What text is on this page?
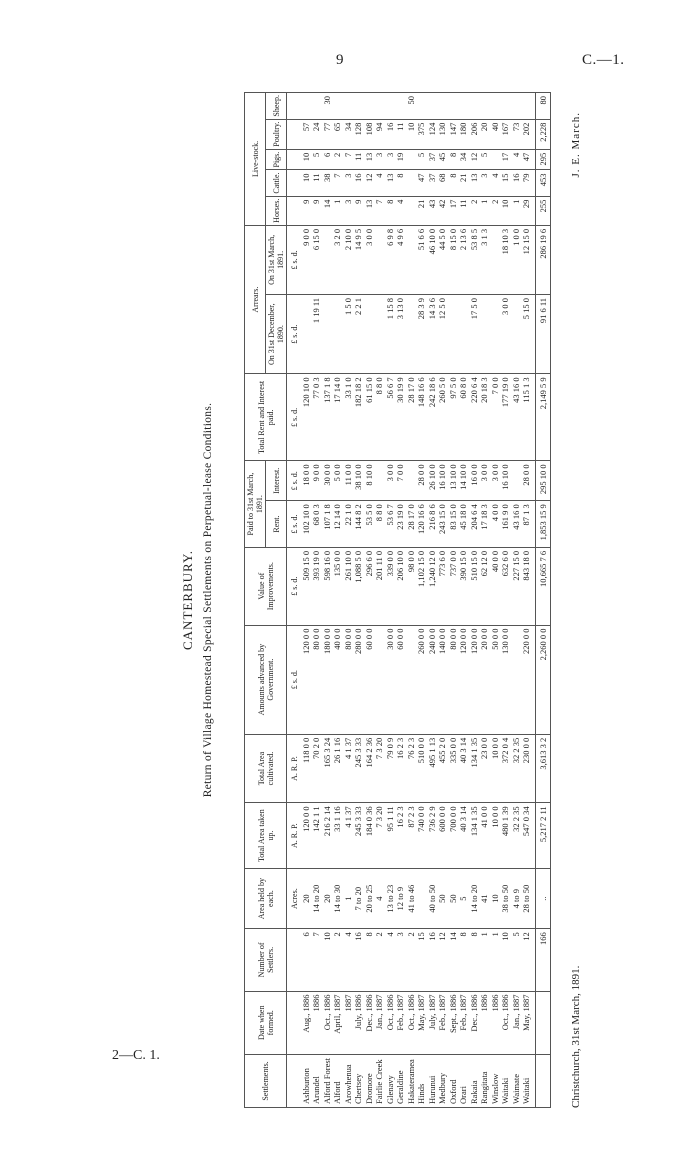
9	C.—1.
2—C. 1.
CANTERBURY. Return of Village Homestead Special Settlements on Perpetual-lease Conditions.
Settlements.	Date when formed.	Number of Settlers.	Area held by each.	Total Area taken up.	Total Area cultivated.	Amounts advanced by Government.	Value of Improvements.	Paid to 31st March, 1891.		Total Rent and Interest paid.	Arrears.		Live-stock.				
								Rent.	Interest.		On 31st December, 1890.	On 31st March, 1891.	Horses.	Cattle.	Pigs.	Poultry.	Sheep.
			Acres.	A. R. P.	A. R. P.	£ s. d.	£ s. d.	£ s. d.	£ s. d.	£ s. d.	£ s. d.	£ s. d.					
Ashburton	Aug., 1886	6	20	120 0 0	118 0 0	120 0 0	509 15 0	102 10 0	18 0 0	120 10 0		9 0 0	9	10	10	57	
Arundel	1886	7	14 to 20	142 1 1	70 2 0	80 0 0	393 19 0	68 0 3	9 0 0	77 0 3	1 19 11	6 15 0	9	11	5	24	
Alford Forest	Oct., 1886	10	20	216 2 14	165 3 24	180 0 0	598 16 0	107 1 8	30 0 0	137 1 8			14	38	6	77	30
Alford	April, 1887	2	14 to 30	33 1 16	26 1 16	40 0 0	135 0 0	12 14 0	5 0 0	17 14 0		3 2 0	1	7	2	65	
Arowhenua	1887	4	1	4 1 37	4 1 37	80 0 0	261 10 0	22 1 0	11 0 0	33 1 0	1 5 0	2 10 0	3	3	7	34	
Chertsey	July, 1886	16	7 to 20	245 3 33	245 3 33	280 0 0	1,088 5 0	144 8 2	38 10 0	182 18 2	2 2 1	14 9 5	9	16	11	128	
Dromore	Dec., 1886	8	20 to 25	184 0 36	164 2 36	60 0 0	296 6 0	53 5 0	8 10 0	61 15 0		3 0 0	13	12	13	108	
Fairlie Creek	Jan., 1887	2	4	7 3 20	7 3 20		201 11 0	8 8 0		8 8 0			7	4	3	94	
Glenavy	Oct., 1886	4	13 to 23	95 1 11	79 0 9	30 0 0	339 0 0	53 6 7	3 0 0	56 6 7	1 15 8	6 9 8	8	13	3	16	
Geraldine	Feb., 1887	3	12 to 9	16 2 3	16 2 3	60 0 0	206 10 0	23 19 0	7 0 0	30 19 9	3 13 0	4 9 6	4	8	19	11	
Hakateramea	Oct., 1886	2	41 to 46	87 2 3	76 2 3		98 0 0	28 17 0		28 17 0						10	50
Hinds	May, 1887	15		740 0 0	510 0 0	260 0 0	1,102 15 0	120 16 6	28 0 0	148 16 6	28 3 9	51 6 6	21	47	5	375	
Hurunui	July, 1887	16	40 to 50	736 2 9	495 1 13	240 0 0	1,240 12 0	216 8 6	26 10 0	242 18 6	14 3 6	46 10 0	43	37	37	124	
Medbury	Feb., 1887	12	50	600 0 0	455 2 0	140 0 0	773 6 0	243 15 0	16 10 0	260 5 0	12 5 0	44 5 0	42	68	45	130	
Oxford	Sept., 1886	14	50	700 0 0	335 0 0	80 0 0	737 0 0	83 15 0	13 10 0	97 5 0		8 15 0	17	8	8	147	
Orari	Feb., 1887	8	5	40 3 14	40 3 14	120 0 0	390 15 0	45 18 0	14 10 0	60 8 0		2 13 6	11	21	34	180	
Rakaia	Dec., 1886	8	14 to 20	134 1 35	134 1 35	120 0 0	510 15 0	204 6 4	16 0 0	220 6 4	17 5 0	53 8 5	2	13	12	206	
Rangitata	1886	1	41	41 0 0	23 0 0	20 0 0	62 12 0	17 18 3	3 0 0	20 18 3		3 1 3	1	3	5	20	
Winslow	1886	1	10	10 0 0	10 0 0	50 0 0	40 0 0	4 0 0	3 0 0	7 0 0			2	4		40	
Waitaki	Oct., 1886	10	38 to 50	480 1 39	372 0 4	130 0 0	632 6 0	161 9 0	16 10 0	177 19 0	3 0 0	18 10 3	10	15	17	167	
Waimate	Jan., 1887	5	4 to 9	32 2 35	32 2 35		227 15 0	43 16 0		43 16 0		1 0 0	1	16	4	73	
Waitaki	May, 1887	12	28 to 50	547 0 34	230 0 0	220 0 0	843 18 0	87 1 3	28 0 0	115 1 3	5 15 0	12 15 0	29	79	47	202	
		166	..	5,217 2 11	3,613 3 2	2,260 0 0	10,665 7 6	1,853 15 9	295 10 0	2,149 5 9	91 6 11	286 19 6	255	453	295	2,228	80
Christchurch, 31st March, 1891.
J. E. March.
